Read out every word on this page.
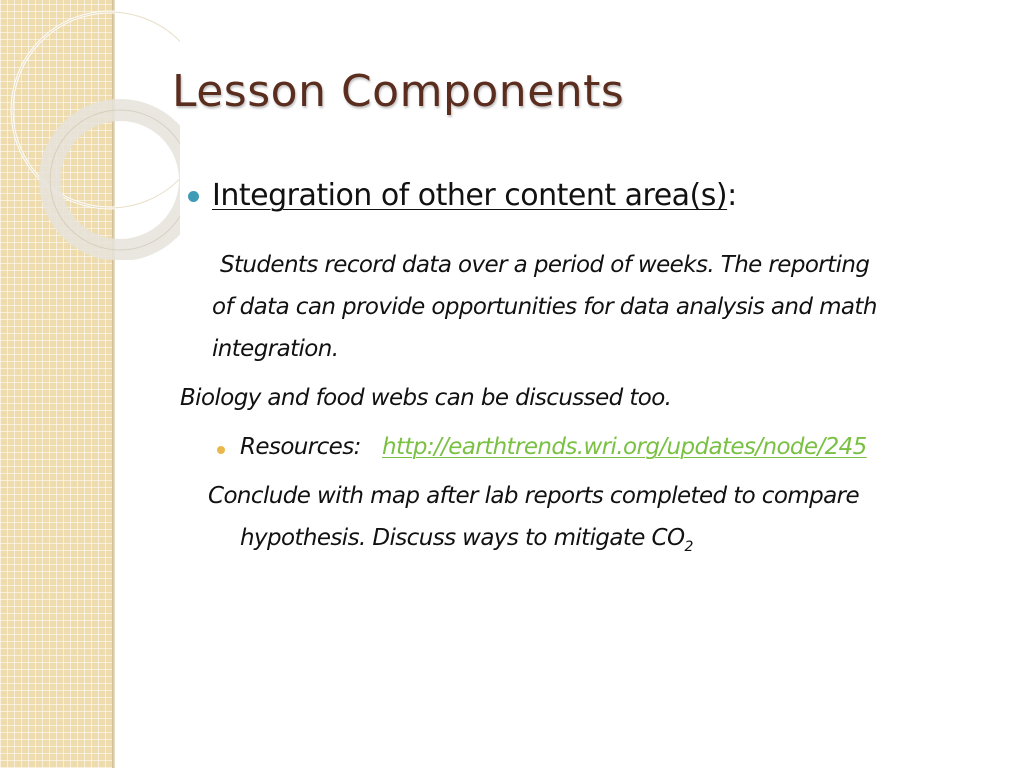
Lesson Components
Integration of other content area(s):
Students record data over a period of weeks. The reporting
of data can provide opportunities for data analysis and math
integration.
Biology and food webs can be discussed too.
Resources: http://earthtrends.wri.org/updates/node/245
Conclude with map after lab reports completed to compare
hypothesis. Discuss ways to mitigate $CO_2$
